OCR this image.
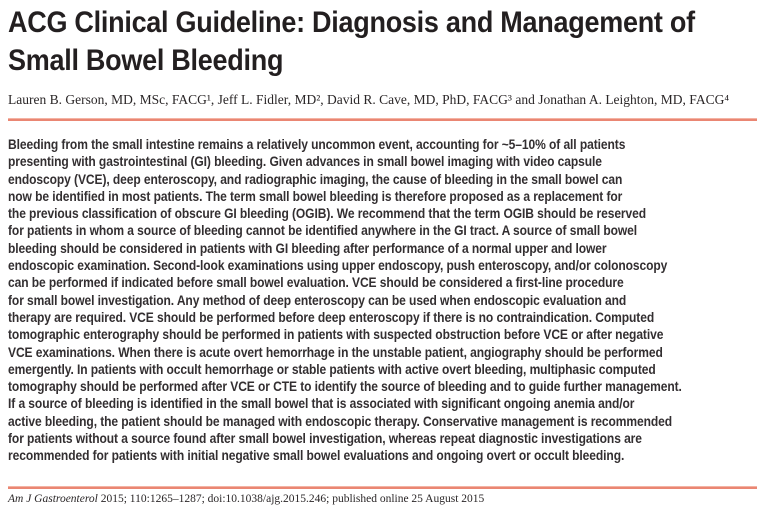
ACG Clinical Guideline: Diagnosis and Management of
Small Bowel Bleeding
Lauren B. Gerson, MD, MSc, FACG¹, Jeff L. Fidler, MD², David R. Cave, MD, PhD, FACG³ and Jonathan A. Leighton, MD, FACG⁴
Bleeding from the small intestine remains a relatively uncommon event, accounting for ~5–10% of all patients
presenting with gastrointestinal (GI) bleeding. Given advances in small bowel imaging with video capsule
endoscopy (VCE), deep enteroscopy, and radiographic imaging, the cause of bleeding in the small bowel can
now be identified in most patients. The term small bowel bleeding is therefore proposed as a replacement for
the previous classification of obscure GI bleeding (OGIB). We recommend that the term OGIB should be reserved
for patients in whom a source of bleeding cannot be identified anywhere in the GI tract. A source of small bowel
bleeding should be considered in patients with GI bleeding after performance of a normal upper and lower
endoscopic examination. Second-look examinations using upper endoscopy, push enteroscopy, and/or colonoscopy
can be performed if indicated before small bowel evaluation. VCE should be considered a first-line procedure
for small bowel investigation. Any method of deep enteroscopy can be used when endoscopic evaluation and
therapy are required. VCE should be performed before deep enteroscopy if there is no contraindication. Computed
tomographic enterography should be performed in patients with suspected obstruction before VCE or after negative
VCE examinations. When there is acute overt hemorrhage in the unstable patient, angiography should be performed
emergently. In patients with occult hemorrhage or stable patients with active overt bleeding, multiphasic computed
tomography should be performed after VCE or CTE to identify the source of bleeding and to guide further management.
If a source of bleeding is identified in the small bowel that is associated with significant ongoing anemia and/or
active bleeding, the patient should be managed with endoscopic therapy. Conservative management is recommended
for patients without a source found after small bowel investigation, whereas repeat diagnostic investigations are
recommended for patients with initial negative small bowel evaluations and ongoing overt or occult bleeding.
Am J Gastroenterol 2015; 110:1265–1287; doi:10.1038/ajg.2015.246; published online 25 August 2015
